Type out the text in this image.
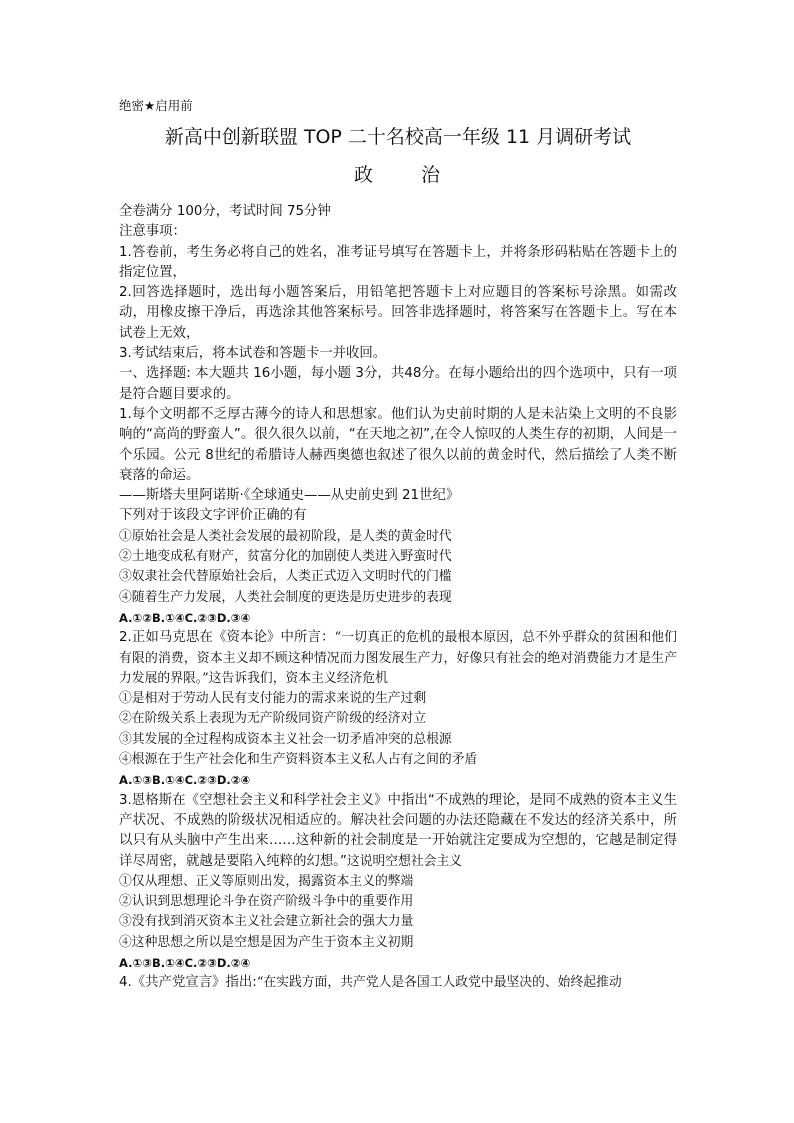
绝密★启用前
新高中创新联盟 TOP 二十名校高一年级 11 月调研考试
政 治

全卷满分 100分，考试时间 75分钟

注意事项：

1.答卷前，考生务必将自己的姓名，准考证号填写在答题卡上，并将条形码粘贴在答题卡上的指定位置，

2.回答选择题时，选出每小题答案后，用铅笔把答题卡上对应题目的答案标号涂黑。如需改动，用橡皮擦干净后，再选涂其他答案标号。回答非选择题时，将答案写在答题卡上。写在本试卷上无效，

3.考试结束后，将本试卷和答题卡一并收回。

一、选择题: 本大题共 16小题，每小题 3分，共48分。在每小题给出的四个选项中，只有一项是符合题目要求的。

1.每个文明都不乏厚古薄今的诗人和思想家。他们认为史前时期的人是未沾染上文明的不良影响的“高尚的野蛮人”。很久很久以前，“在天地之初”,在令人惊叹的人类生存的初期，人间是一个乐园。公元 8世纪的希腊诗人赫西奥德也叙述了很久以前的黄金时代，然后描绘了人类不断衰落的命运。

——斯塔夫里阿诺斯·《全球通史——从史前史到 21世纪》

下列对于该段文字评价正确的有

①原始社会是人类社会发展的最初阶段，是人类的黄金时代

②土地变成私有财产，贫富分化的加剧使人类进入野蛮时代

③奴隶社会代替原始社会后，人类正式迈入文明时代的门槛

④随着生产力发展，人类社会制度的更迭是历史进步的表现

A.①②B.①④C.②③D.③④

2.正如马克思在《资本论》中所言：“一切真正的危机的最根本原因，总不外乎群众的贫困和他们有限的消费，资本主义却不顾这种情况而力图发展生产力，好像只有社会的绝对消费能力才是生产力发展的界限。”这告诉我们，资本主义经济危机

①是相对于劳动人民有支付能力的需求来说的生产过剩

②在阶级关系上表现为无产阶级同资产阶级的经济对立

③其发展的全过程构成资本主义社会一切矛盾冲突的总根源

④根源在于生产社会化和生产资料资本主义私人占有之间的矛盾

A.①③B.①④C.②③D.②④

3.恩格斯在《空想社会主义和科学社会主义》中指出“不成熟的理论，是同不成熟的资本主义生产状况、不成熟的阶级状况相适应的。解决社会问题的办法还隐藏在不发达的经济关系中，所以只有从头脑中产生出来……这种新的社会制度是一开始就注定要成为空想的，它越是制定得详尽周密，就越是要陷入纯粹的幻想。”这说明空想社会主义

①仅从理想、正义等原则出发，揭露资本主义的弊端

②认识到思想理论斗争在资产阶级斗争中的重要作用

③没有找到消灭资本主义社会建立新社会的强大力量

④这种思想之所以是空想是因为产生于资本主义初期

A.①③B.①④C.②③D.②④

4.《共产党宣言》指出:“在实践方面，共产党人是各国工人政党中最坚决的、始终起推动
